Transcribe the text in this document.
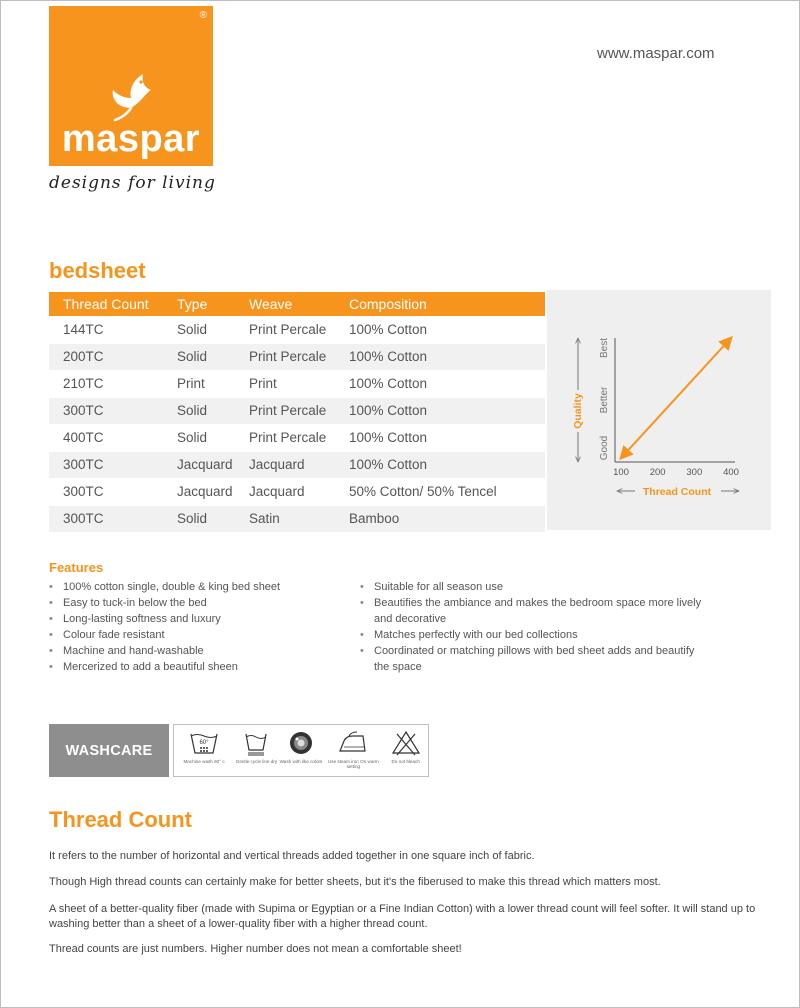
®
maspar
designs for living
www.maspar.com
bedsheet
Thread Count	Type	Weave	Composition
144TC	Solid	Print Percale	100% Cotton
200TC	Solid	Print Percale	100% Cotton
210TC	Print	Print	100% Cotton
300TC	Solid	Print Percale	100% Cotton
400TC	Solid	Print Percale	100% Cotton
300TC	Jacquard	Jacquard	100% Cotton
300TC	Jacquard	Jacquard	50% Cotton/ 50% Tencel
300TC	Solid	Satin	Bamboo
Good
Better
Best
100 200 300 400
Quality
Thread Count
Features
• 100% cotton single, double & king bed sheet
• Easy to tuck-in below the bed
• Long-lasting softness and luxury
• Colour fade resistant
• Machine and hand-washable
• Mercerized to add a beautiful sheen
• Suitable for all season use
• Beautifies the ambiance and makes the bedroom space more lively and decorative
• Matches perfectly with our bed collections
• Coordinated or matching pillows with bed sheet adds and beautify the space
WASHCARE	60°
Machine wash 60° c Gentle cycle line dry Wash with like colors	Use steam iron On warm setting
Do not bleach
Thread Count

It refers to the number of horizontal and vertical threads added together in one square inch of fabric.

Though High thread counts can certainly make for better sheets, but it's the fiberused to make this thread which matters most.

A sheet of a better-quality fiber (made with Supima or Egyptian or a Fine Indian Cotton) with a lower thread count will feel softer. It will stand up to washing better than a sheet of a lower-quality fiber with a higher thread count.

Thread counts are just numbers. Higher number does not mean a comfortable sheet!
